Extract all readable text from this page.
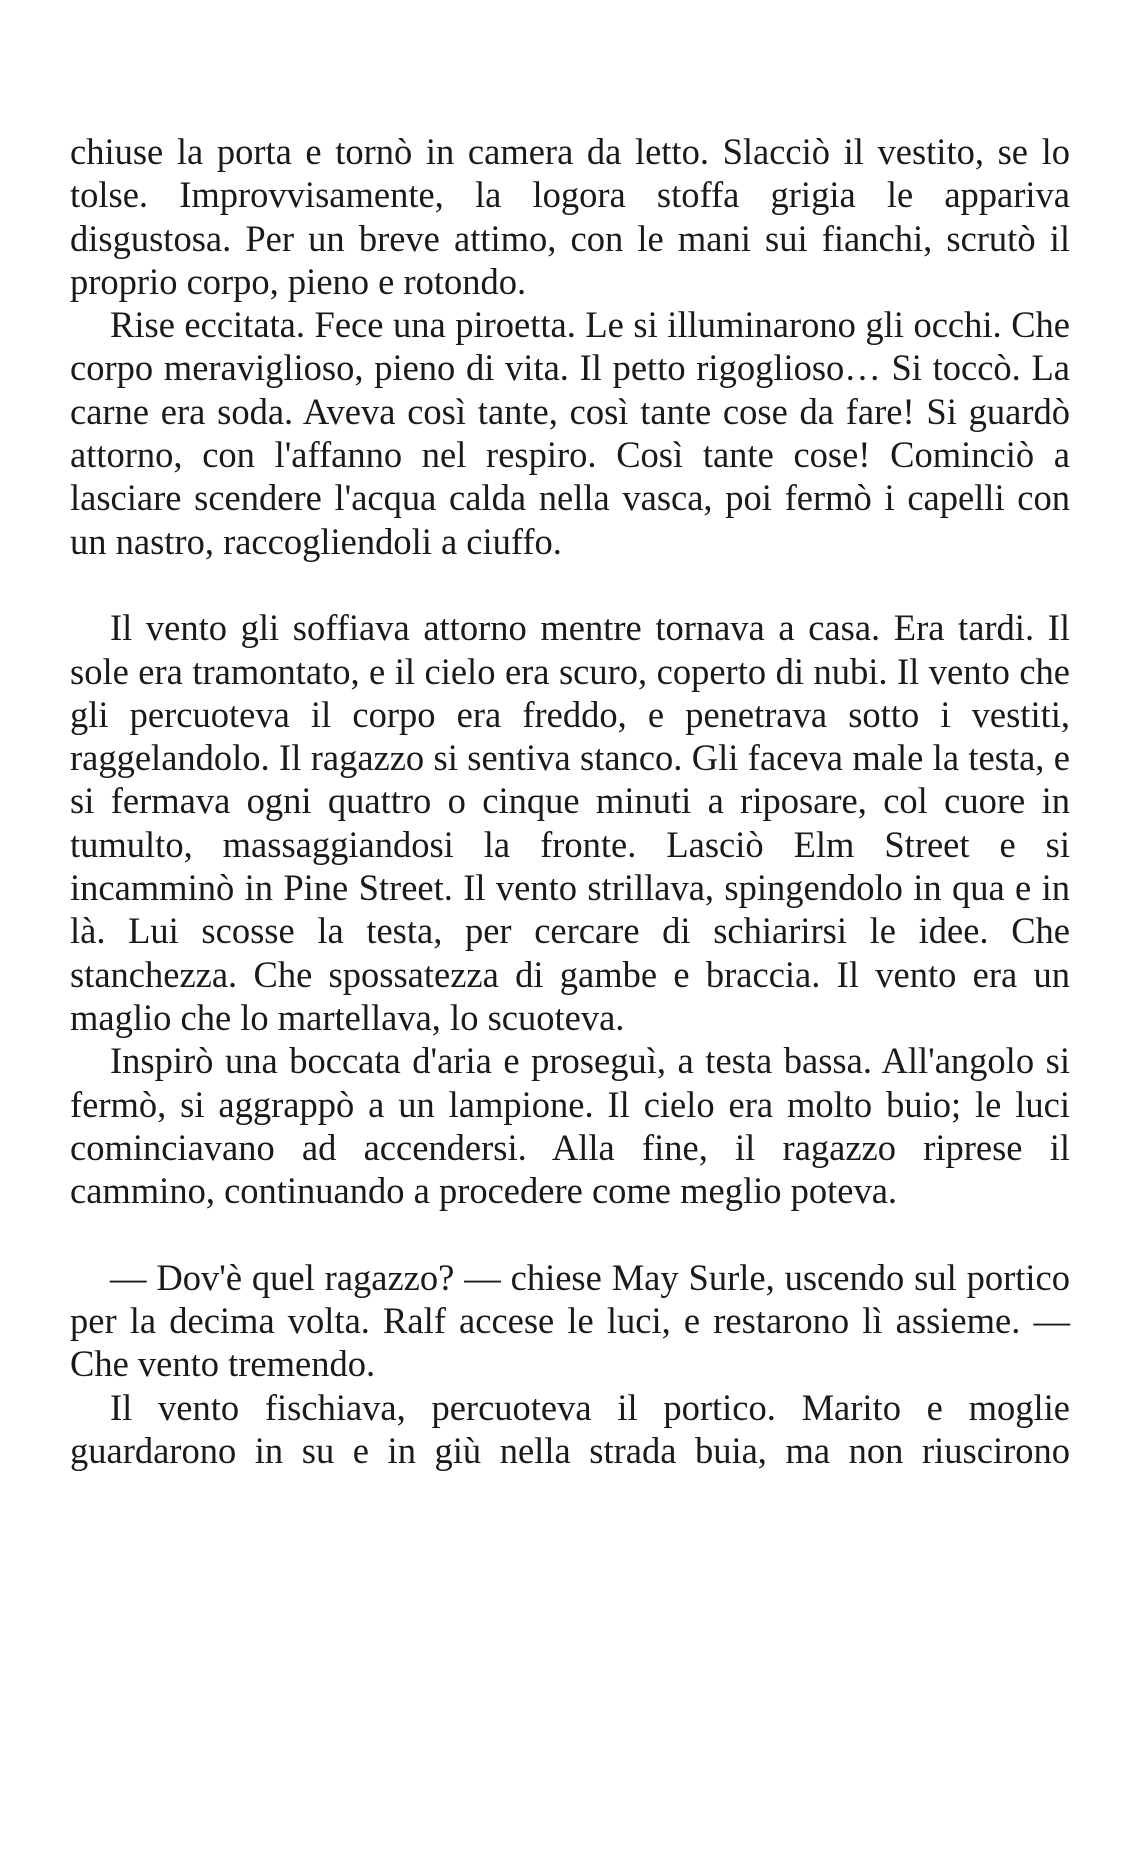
chiuse la porta e tornò in camera da letto. Slacciò il vestito, se lo tolse. Improvvisamente, la logora stoffa grigia le appariva disgustosa. Per un breve attimo, con le mani sui fianchi, scrutò il proprio corpo, pieno e rotondo.

Rise eccitata. Fece una piroetta. Le si illuminarono gli occhi. Che corpo meraviglioso, pieno di vita. Il petto rigoglioso… Si toccò. La carne era soda. Aveva così tante, così tante cose da fare! Si guardò attorno, con l'affanno nel respiro. Così tante cose! Cominciò a lasciare scendere l'acqua calda nella vasca, poi fermò i capelli con un nastro, raccogliendoli a ciuffo.

Il vento gli soffiava attorno mentre tornava a casa. Era tardi. Il sole era tramontato, e il cielo era scuro, coperto di nubi. Il vento che gli percuoteva il corpo era freddo, e penetrava sotto i vestiti, raggelandolo. Il ragazzo si sentiva stanco. Gli faceva male la testa, e si fermava ogni quattro o cinque minuti a riposare, col cuore in tumulto, massaggiandosi la fronte. Lasciò Elm Street e si incamminò in Pine Street. Il vento strillava, spingendolo in qua e in là. Lui scosse la testa, per cercare di schiarirsi le idee. Che stanchezza. Che spossatezza di gambe e braccia. Il vento era un maglio che lo martellava, lo scuoteva.

Inspirò una boccata d'aria e proseguì, a testa bassa. All'angolo si fermò, si aggrappò a un lampione. Il cielo era molto buio; le luci cominciavano ad accendersi. Alla fine, il ragazzo riprese il cammino, continuando a procedere come meglio poteva.

— Dov'è quel ragazzo? — chiese May Surle, uscendo sul portico per la decima volta. Ralf accese le luci, e restarono lì assieme. — Che vento tremendo.

Il vento fischiava, percuoteva il portico. Marito e moglie guardarono in su e in giù nella strada buia, ma non riuscirono
